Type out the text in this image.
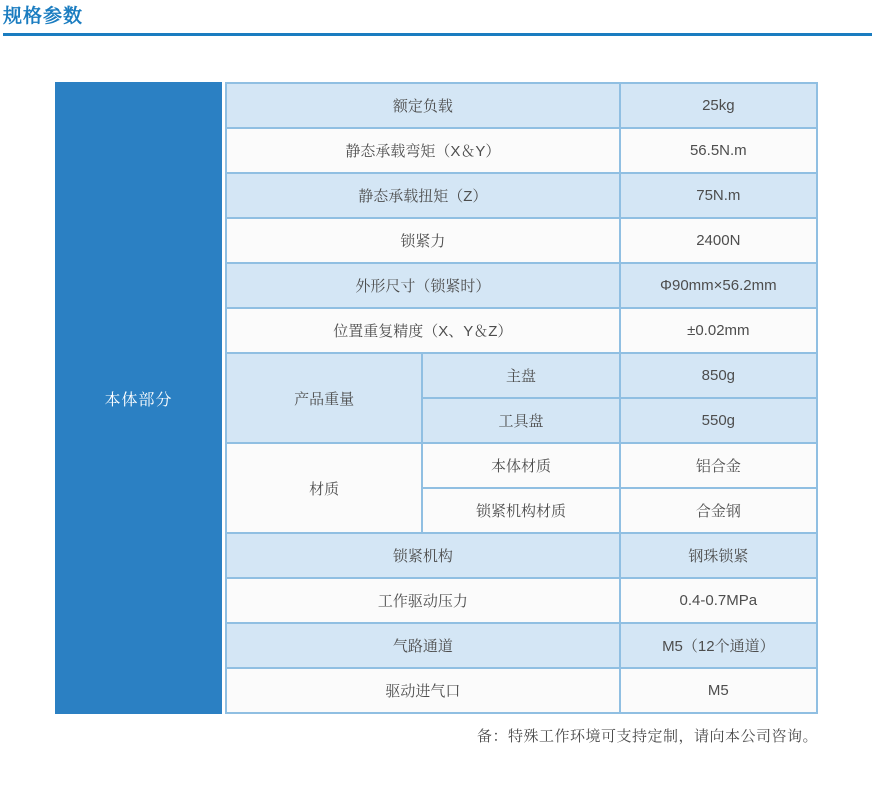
规格参数
本体部分
额定负载		25kg
静态承载弯矩（X＆Y）		56.5N.m
静态承载扭矩（Z）		75N.m
锁紧力		2400N
外形尺寸（锁紧时）		Φ90mm×56.2mm
位置重复精度（X、Y＆Z）		±0.02mm
产品重量	主盘	850g
	工具盘	550g
材质	本体材质	铝合金
	锁紧机构材质	合金钢
锁紧机构		钢珠锁紧
工作驱动压力		0.4-0.7MPa
气路通道		M5（12个通道）
驱动进气口		M5
备：特殊工作环境可支持定制，请向本公司咨询。
